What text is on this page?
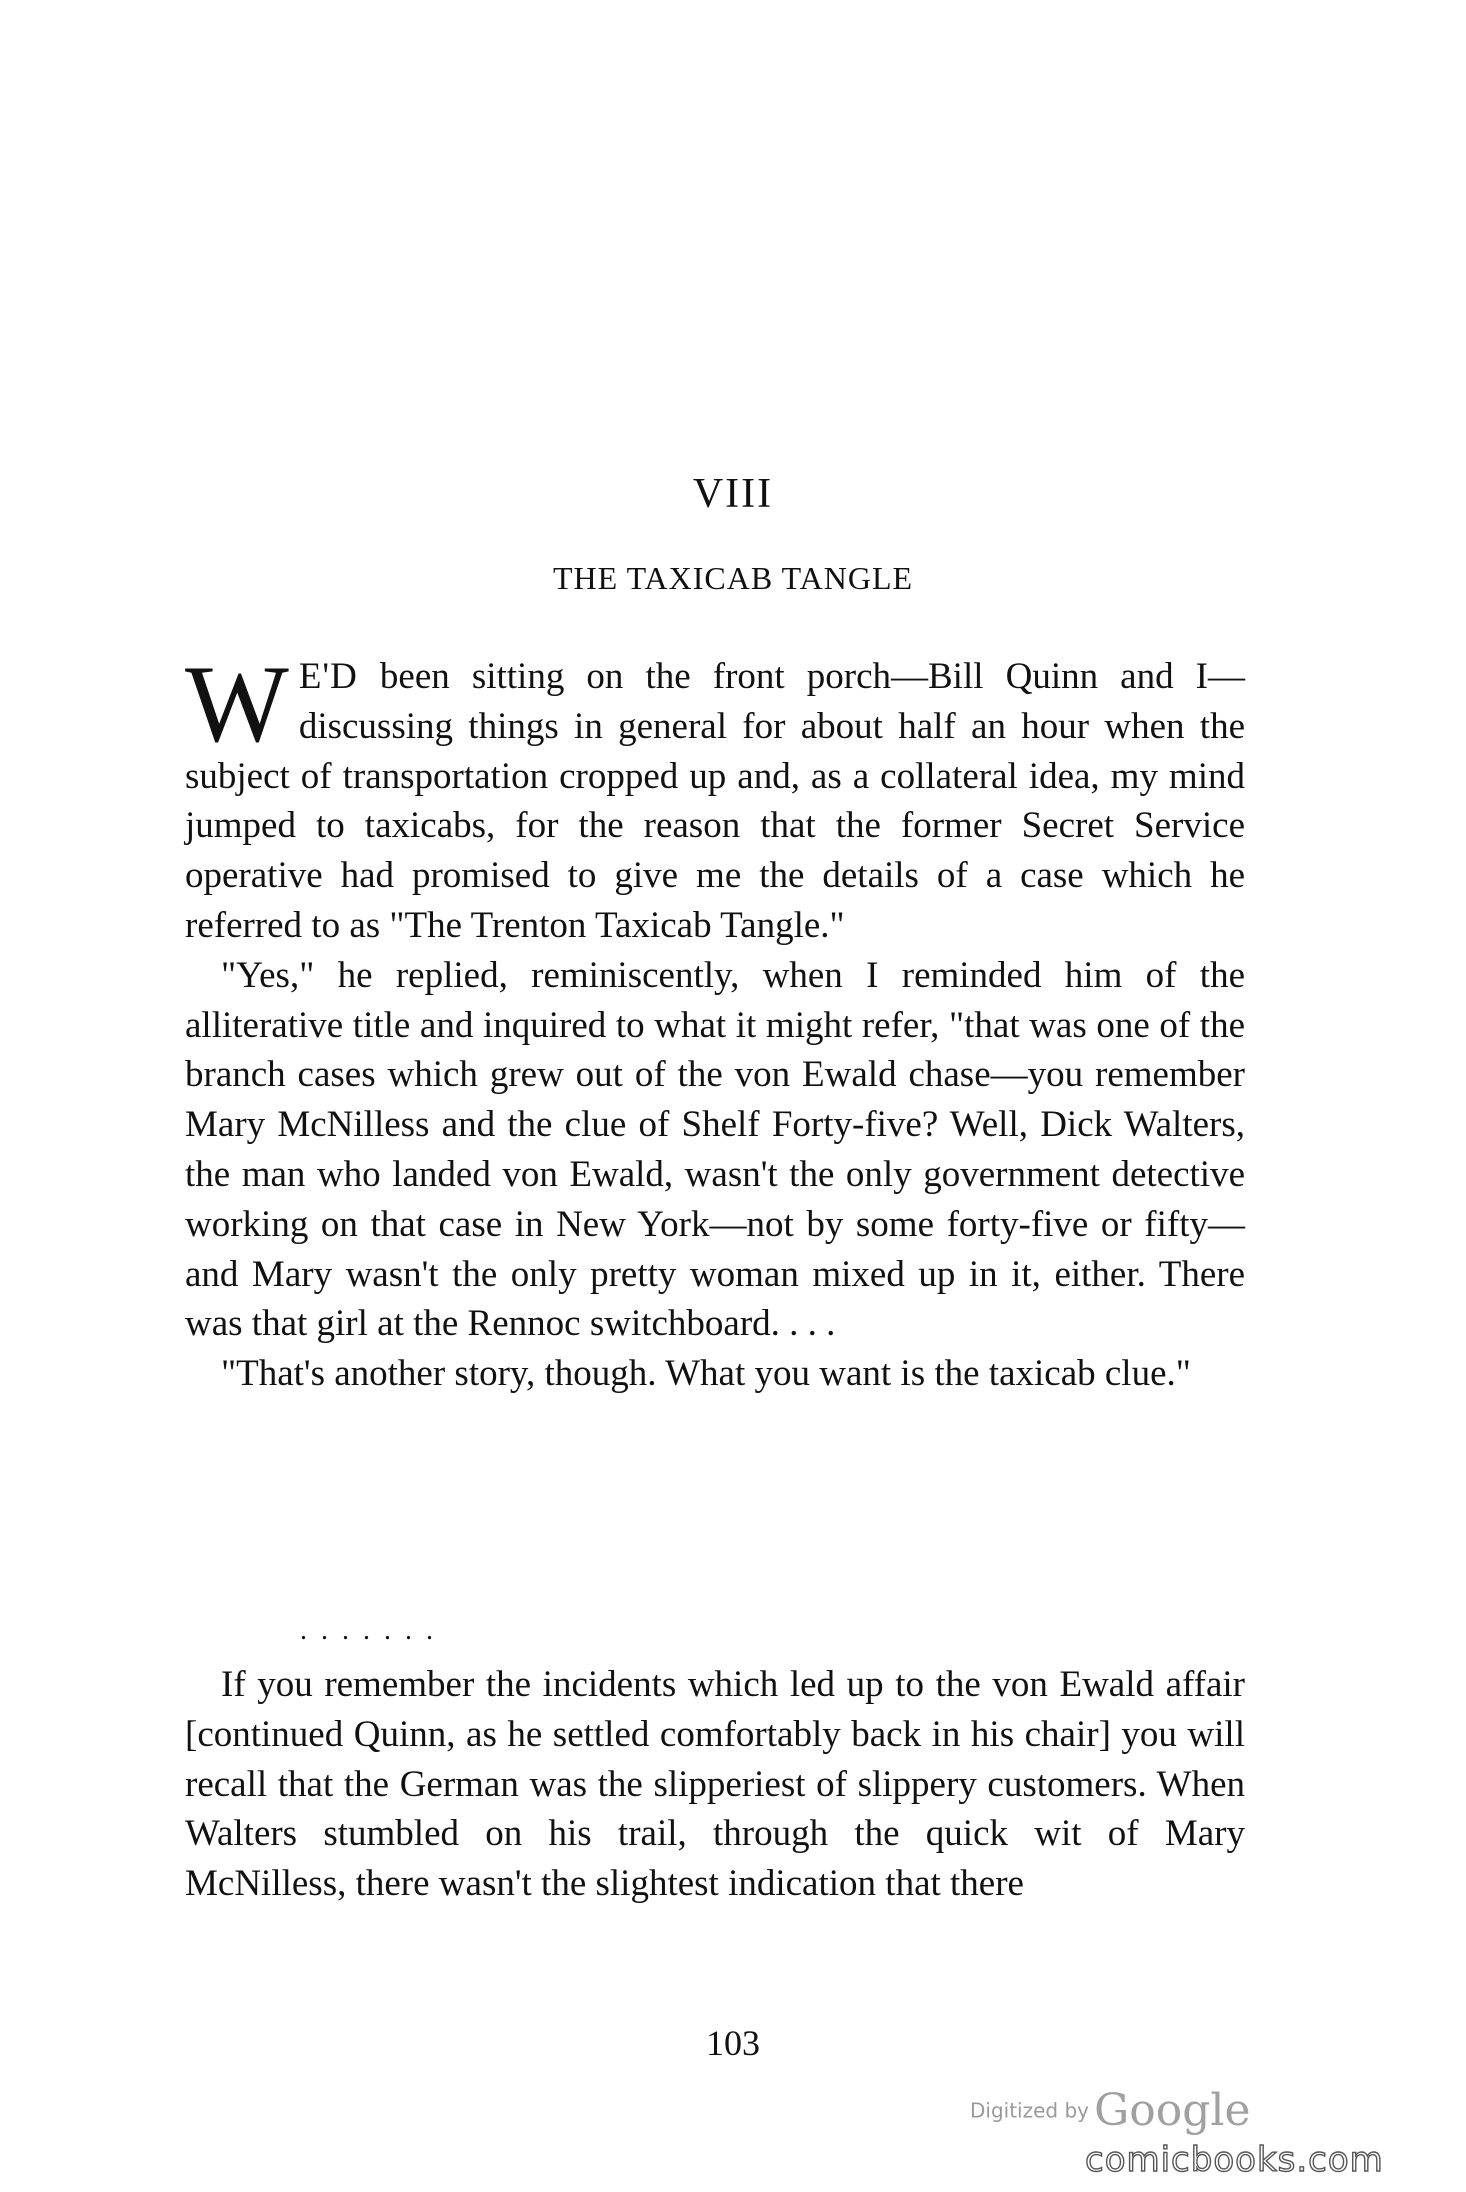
VIII
THE TAXICAB TANGLE

W E'D been sitting on the front porch—Bill Quinn and I—discussing things in general for about half an hour when the subject of transportation cropped up and, as a collateral idea, my mind jumped to taxicabs, for the reason that the former Secret Service operative had promised to give me the details of a case which he referred to as "The Trenton Taxicab Tangle."

"Yes," he replied, reminiscently, when I reminded him of the alliterative title and inquired to what it might refer, "that was one of the branch cases which grew out of the von Ewald chase—you remember Mary McNilless and the clue of Shelf Forty-five? Well, Dick Walters, the man who landed von Ewald, wasn't the only government detective working on that case in New York—not by some forty-five or fifty—and Mary wasn't the only pretty woman mixed up in it, either. There was that girl at the Rennoc switchboard. . . .

"That's another story, though. What you want is the taxicab clue."

.  .  .  .  .  .  .

If you remember the incidents which led up to the von Ewald affair [continued Quinn, as he settled comfortably back in his chair] you will recall that the German was the slipperiest of slippery customers. When Walters stumbled on his trail, through the quick wit of Mary McNilless, there wasn't the slightest indication that there

103
Digitized by Google
comicbooks.com
